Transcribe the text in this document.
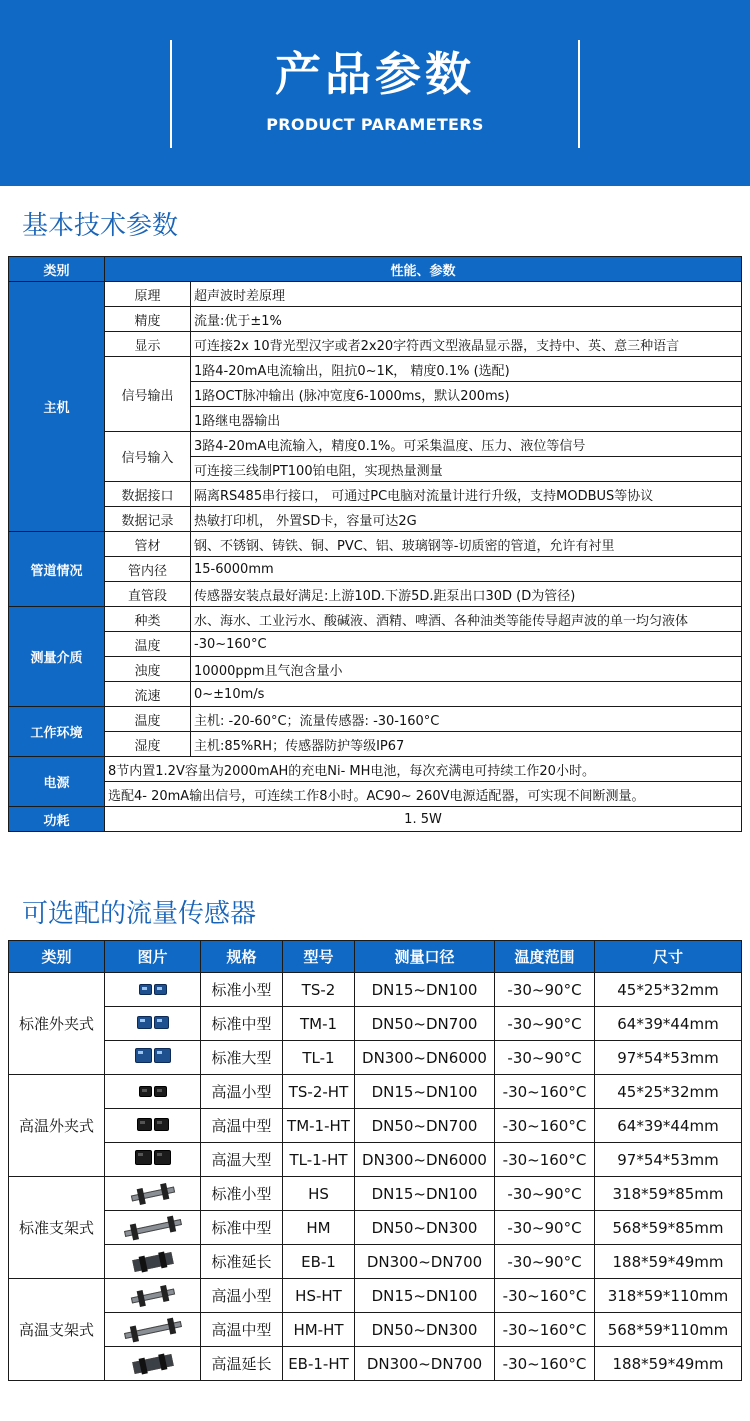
产品参数
PRODUCT PARAMETERS
基本技术参数
类别	性能、参数	
主机	原理	超声波时差原理
	精度	流量:优于±1%
	显示	可连接2x 10背光型汉字或者2x20字符西文型液晶显示器，支持中、英、意三种语言
	信号输出	1路4-20mA电流输出，阻抗0~1K， 精度0.1% (选配)
		1路OCT脉冲输出 (脉冲宽度6-1000ms，默认200ms)
		1路继电器输出
	信号输入	3路4-20mA电流输入，精度0.1%。可采集温度、压力、液位等信号
		可连接三线制PT100铂电阻，实现热量测量
	数据接口	隔离RS485串行接口， 可通过PC电脑对流量计进行升级，支持MODBUS等协议
	数据记录	热敏打印机， 外置SD卡，容量可达2G
管道情况	管材	钢、不锈钢、铸铁、铜、PVC、铝、玻璃钢等-切质密的管道，允许有衬里
	管内径	15-6000mm
	直管段	传感器安装点最好满足:上游10D.下游5D.距泵出口30D (D为管径)
测量介质	种类	水、海水、工业污水、酸碱液、酒精、啤酒、各种油类等能传导超声波的单一均匀液体
	温度	-30~160°C
	浊度	10000ppm且气泡含量小
	流速	0~±10m/s
工作环境	温度	主机: -20-60°C；流量传感器: -30-160°C
	湿度	主机:85%RH；传感器防护等级IP67
电源	8节内置1.2V容量为2000mAH的充电Ni- MH电池，每次充满电可持续工作20小时。	
	选配4- 20mA输出信号，可连续工作8小时。AC90~ 260V电源适配器，可实现不间断测量。	
功耗	1. 5W	
可选配的流量传感器
类别	图片	规格	型号	测量口径	温度范围	尺寸
标准外夹式		标准小型	TS-2	DN15~DN100	-30~90°C	45*25*32mm
		标准中型	TM-1	DN50~DN700	-30~90°C	64*39*44mm
		标准大型	TL-1	DN300~DN6000	-30~90°C	97*54*53mm
高温外夹式		高温小型	TS-2-HT	DN15~DN100	-30~160°C	45*25*32mm
		高温中型	TM-1-HT	DN50~DN700	-30~160°C	64*39*44mm
		高温大型	TL-1-HT	DN300~DN6000	-30~160°C	97*54*53mm
标准支架式		标准小型	HS	DN15~DN100	-30~90°C	318*59*85mm
		标准中型	HM	DN50~DN300	-30~90°C	568*59*85mm
		标准延长	EB-1	DN300~DN700	-30~90°C	188*59*49mm
高温支架式		高温小型	HS-HT	DN15~DN100	-30~160°C	318*59*110mm
		高温中型	HM-HT	DN50~DN300	-30~160°C	568*59*110mm
		高温延长	EB-1-HT	DN300~DN700	-30~160°C	188*59*49mm
